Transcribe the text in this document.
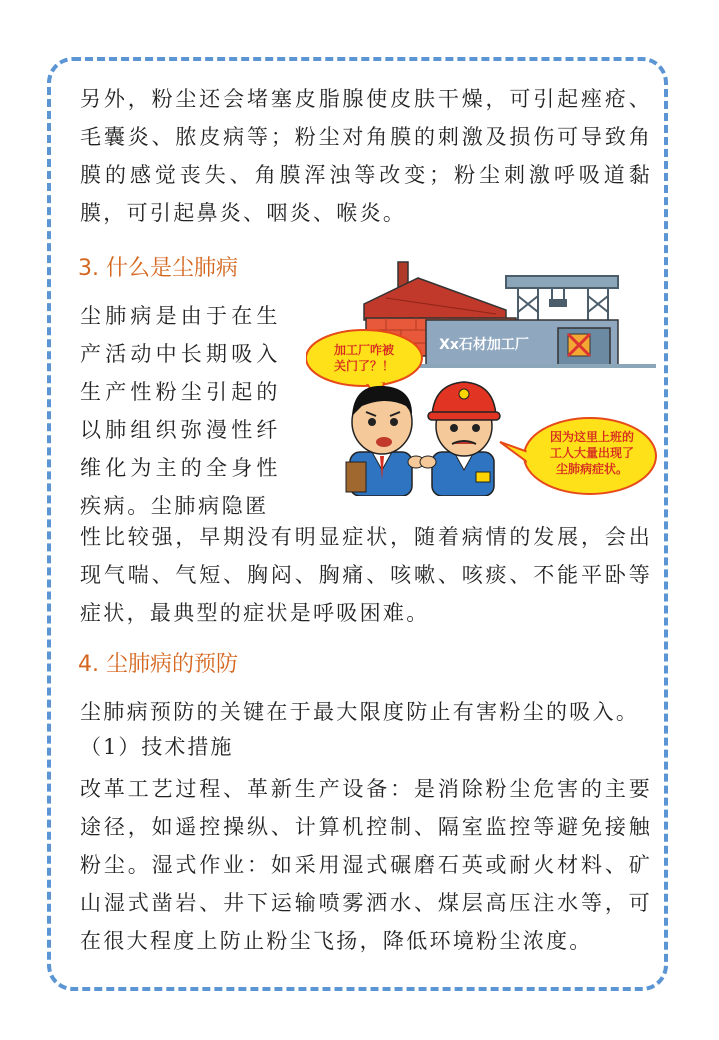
另外，粉尘还会堵塞皮脂腺使皮肤干燥，可引起痤疮、毛囊炎、脓皮病等；粉尘对角膜的刺激及损伤可导致角膜的感觉丧失、角膜浑浊等改变；粉尘刺激呼吸道黏膜，可引起鼻炎、咽炎、喉炎。

3. 什么是尘肺病

尘肺病是由于在生产活动中长期吸入生产性粉尘引起的以肺组织弥漫性纤维化为主的全身性疾病。尘肺病隐匿

Xx石材加工厂
加工厂咋被
关门了？！
因为这里上班的
工人大量出现了
尘肺病症状。

性比较强，早期没有明显症状，随着病情的发展，会出现气喘、气短、胸闷、胸痛、咳嗽、咳痰、不能平卧等症状，最典型的症状是呼吸困难。

4. 尘肺病的预防

尘肺病预防的关键在于最大限度防止有害粉尘的吸入。

（1）技术措施

改革工艺过程、革新生产设备：是消除粉尘危害的主要途径，如遥控操纵、计算机控制、隔室监控等避免接触粉尘。湿式作业：如采用湿式碾磨石英或耐火材料、矿山湿式凿岩、井下运输喷雾洒水、煤层高压注水等，可在很大程度上防止粉尘飞扬，降低环境粉尘浓度。
